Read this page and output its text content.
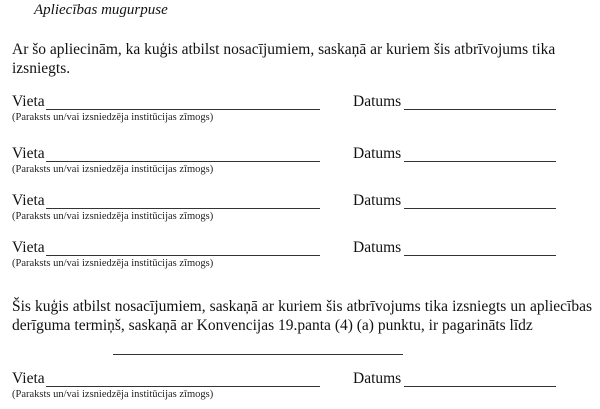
Apliecības mugurpuse
Ar šo apliecinām, ka kuģis atbilst nosacījumiem, saskaņā ar kuriem šis atbrīvojums tika izsniegts.
Vieta	Datums
(Paraksts un/vai izsniedzēja institūcijas zīmogs)
Vieta	Datums
(Paraksts un/vai izsniedzēja institūcijas zīmogs)
Vieta	Datums
(Paraksts un/vai izsniedzēja institūcijas zīmogs)
Vieta	Datums
(Paraksts un/vai izsniedzēja institūcijas zīmogs)
Šis kuģis atbilst nosacījumiem, saskaņā ar kuriem šis atbrīvojums tika izsniegts un apliecības derīguma termiņš, saskaņā ar Konvencijas 19.panta (4) (a) punktu, ir pagarināts līdz
Vieta	Datums
(Paraksts un/vai izsniedzēja institūcijas zīmogs)
